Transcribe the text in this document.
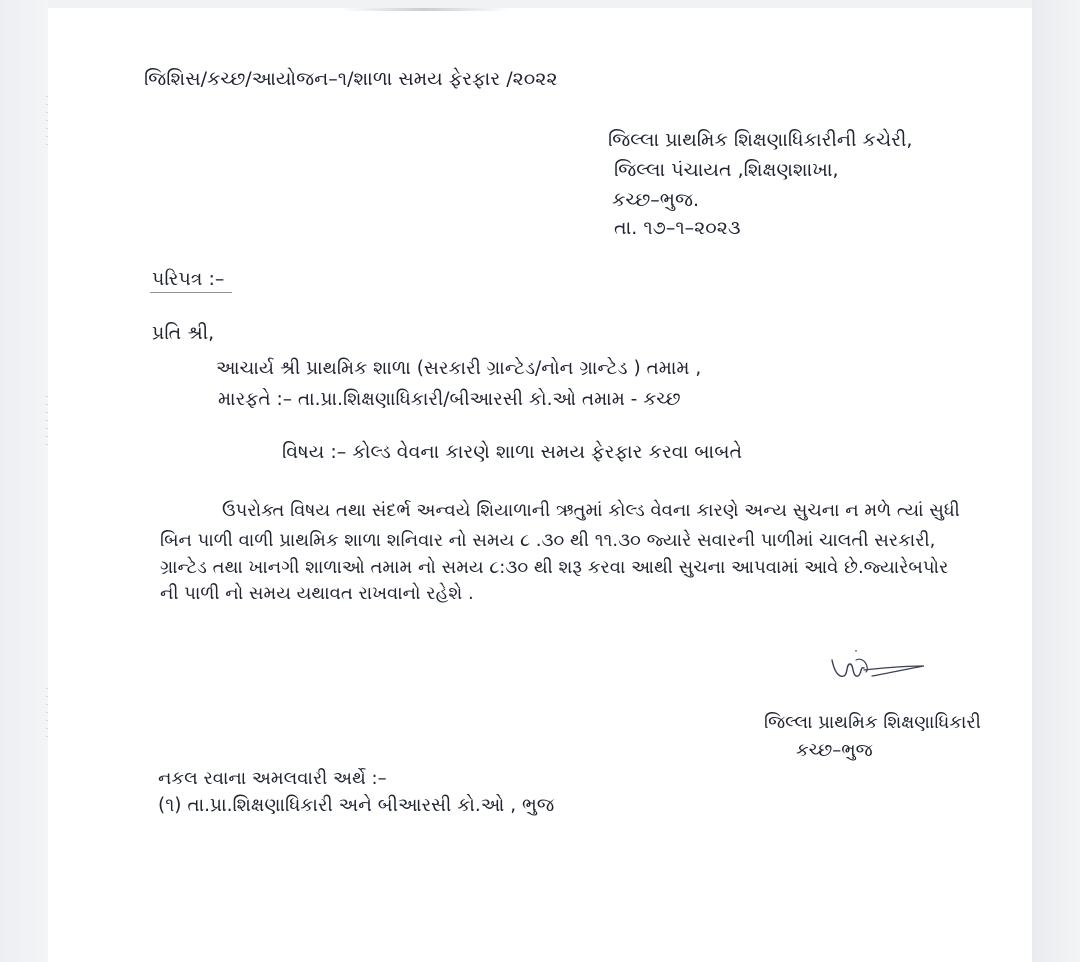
જિશિસ/કચ્છ/આયોજન–૧/શાળા સમય ફેરફાર /૨૦૨૨
જિલ્લા પ્રાથમિક શિક્ષણાધિકારીની કચેરી,
જિલ્લા પંચાયત ,શિક્ષણશાખા,
કચ્છ–ભુજ.
તા. ૧૭–૧–૨૦૨૩
પરિપત્ર :–
પ્રતિ શ્રી,
આચાર્ય શ્રી પ્રાથમિક શાળા (સરકારી ગ્રાન્ટેડ/નોન ગ્રાન્ટેડ ) તમામ ,
મારફતે :– તા.પ્રા.શિક્ષણાધિકારી/બીઆરસી કો.ઓ તમામ - કચ્છ
વિષય :– કોલ્ડ વેવના કારણે શાળા સમય ફેરફાર કરવા બાબતે
ઉપરોક્ત વિષય તથા સંદર્ભ અન્વયે શિયાળાની ઋતુમાં કોલ્ડ વેવના કારણે અન્ય સુચના ન મળે ત્યાં સુધી
બિન પાળી વાળી પ્રાથમિક શાળા શનિવાર નો સમય ૮ .૩૦ થી ૧૧.૩૦ જ્યારે સવારની પાળીમાં ચાલતી સરકારી,
ગ્રાન્ટેડ તથા ખાનગી શાળાઓ તમામ નો સમય ૮:૩૦ થી શરૂ કરવા આથી સુચના આપવામાં આવે છે.જ્યારેબપોર
ની પાળી નો સમય યથાવત રાખવાનો રહેશે .
જિલ્લા પ્રાથમિક શિક્ષણાધિકારી
કચ્છ–ભુજ
નકલ રવાના અમલવારી અર્થે :–
(૧) તા.પ્રા.શિક્ષણાધિકારી અને બીઆરસી કો.ઓ , ભુજ
